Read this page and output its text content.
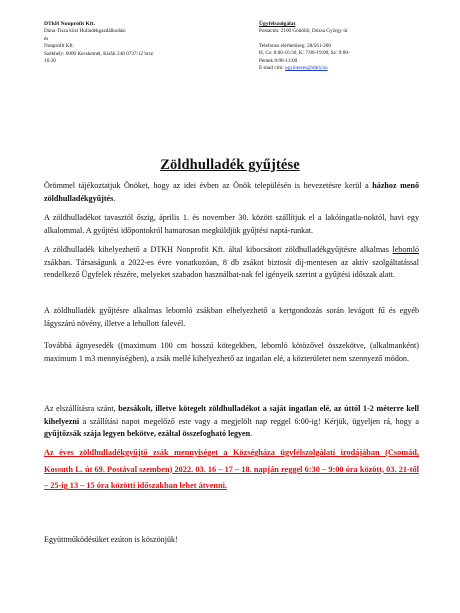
DTkH Nonprofit Kft.
Duna-Tisza közi Hulladékgazdálkodási
és
Nonprofit Kft.
Székhely: 6000 Kecskemét, Kisfái 248 0737/12 hrsz
16:30
Ügyfélszolgálat
Postacím: 2100 Gödöllő, Dózsa György út
Telefonos elérhetőség: 28/561-200
H, Cs: 8:00-16:30, K: 7:00-19:00, Sz: 9:00-
Péntek 8:00-13:00
E-mail cím: ugyintezes@dtkh.hu
Zöldhulladék gyűjtése
Örömmel tájékoztatjuk Önöket, hogy az idei évben az Önök településén is bevezetésre kerül a házhoz menő zöldhulladékgyűjtés.
A zöldhulladékot tavasztól őszig, április 1. és november 30. között szállítjuk el a lakóingatla-noktól, havi egy alkalommal. A gyűjtési időpontokról hamarosan megküldjük gyűjtési naptá-runkat.
A zöldhulladék kihelyezhető a DTKH Nonprofit Kft. által kibocsátott zöldhulladékgyűjtésre alkalmas lebomló zsákban. Társaságunk a 2022-es évre vonatkozóan, 8 db zsákot biztosít díj-mentesen az aktív szolgáltatással rendelkező Ügyfelek részére, melyeket szabadon használhat-nak fel igényeik szerint a gyűjtési időszak alatt.
A zöldhulladék gyűjtésre alkalmas lebomló zsákban elhelyezhető a kertgondozás során levágott fű és egyéb lágyszárú növény, illetve a lehullott falevél.
Továbbá ágnyesedék ((maximum 100 cm hosszú kötegekben, lebomló kötözővel összekötve, (alkalmanként) maximum 1 m3 mennyiségben), a zsák mellé kihelyezhető az ingatlan elé, a közterületet nem szennyező módon.
Az elszállításra szánt, bezsákolt, illetve kötegelt zöldhulladékot a saját ingatlan elé, az úttól 1-2 méterre kell kihelyezni a szállítási napot megelőző este vagy a megjelölt nap reggel 6:00-ig! Kérjük, ügyeljen rá, hogy a gyűjtőzsák szája legyen bekötve, ezáltal összefogható legyen.
Az éves zöldhulladékgyűjtő zsák mennyiséget a Községháza ügyfélszolgálati irodájában (Csomád, Kossuth L. út 69. Postával szemben) 2022. 03. 16 – 17 – 18. napján reggel 6:30 – 9:00 óra között, 03. 21-től – 25-ig 13 – 15 óra közötti időszakban lehet átvenni.
Együttműködésüket ezúton is köszönjük!
